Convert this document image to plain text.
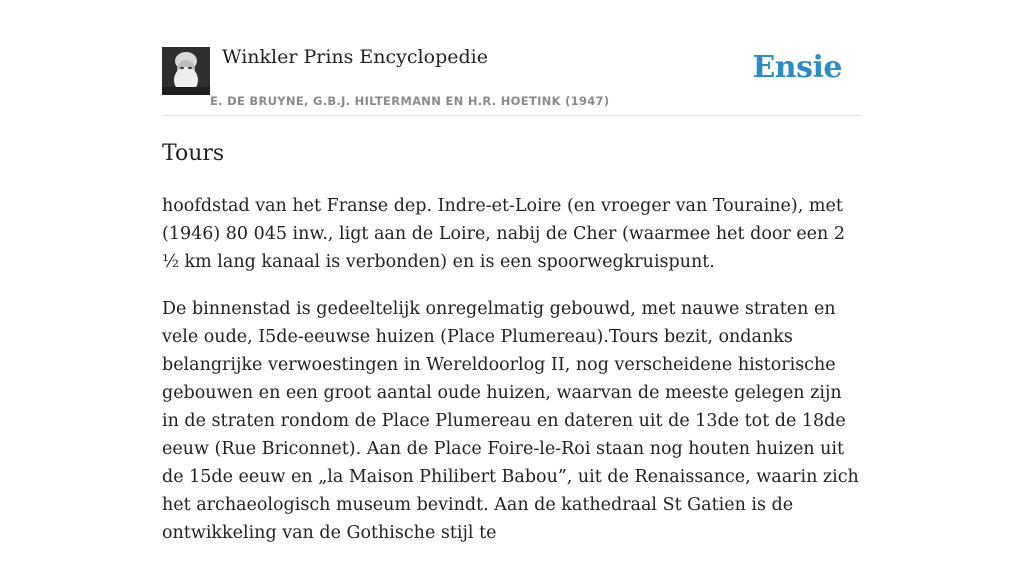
Winkler Prins Encyclopedie
E. DE BRUYNE, G.B.J. HILTERMANN EN H.R. HOETINK (1947)
Ensie
Tours

hoofdstad van het Franse dep. Indre-et-Loire (en vroeger van Touraine), met (1946) 80 045 inw., ligt aan de Loire, nabij de Cher (waarmee het door een 2 ½ km lang kanaal is verbonden) en is een spoorwegkruispunt.

De binnenstad is gedeeltelijk onregelmatig gebouwd, met nauwe straten en vele oude, I5de-eeuwse huizen (Place Plumereau).Tours bezit, ondanks belangrijke verwoestingen in Wereldoorlog II, nog verscheidene historische gebouwen en een groot aantal oude huizen, waarvan de meeste gelegen zijn in de straten rondom de Place Plumereau en dateren uit de 13de tot de 18de eeuw (Rue Briconnet). Aan de Place Foire-le-Roi staan nog houten huizen uit de 15de eeuw en „la Maison Philibert Babou”, uit de Renaissance, waarin zich het archaeologisch museum bevindt. Aan de kathedraal St Gatien is de ontwikkeling van de Gothische stijl te
